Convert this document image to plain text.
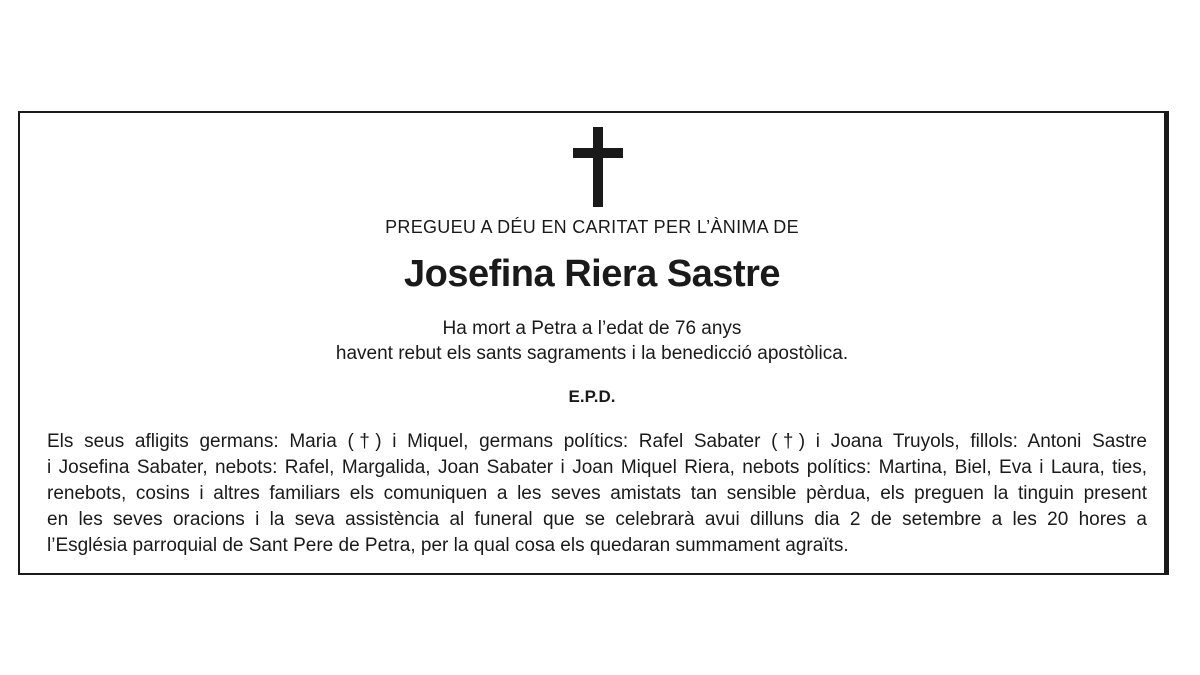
PREGUEU A DÉU EN CARITAT PER L’ÀNIMA DE
Josefina Riera Sastre
Ha mort a Petra a l’edat de 76 anys
havent rebut els sants sagraments i la benedicció apostòlica.
E.P.D.

Els seus afligits germans: Maria (†) i Miquel, germans polítics: Rafel Sabater (†) i Joana Truyols, fillols: Antoni Sastre
i Josefina Sabater, nebots: Rafel, Margalida, Joan Sabater i Joan Miquel Riera, nebots polítics: Martina, Biel, Eva i Laura, ties,
renebots, cosins i altres familiars els comuniquen a les seves amistats tan sensible pèrdua, els preguen la tinguin present
en les seves oracions i la seva assistència al funeral que se celebrarà avui dilluns dia 2 de setembre a les 20 hores a
l’Església parroquial de Sant Pere de Petra, per la qual cosa els quedaran summament agraïts.
